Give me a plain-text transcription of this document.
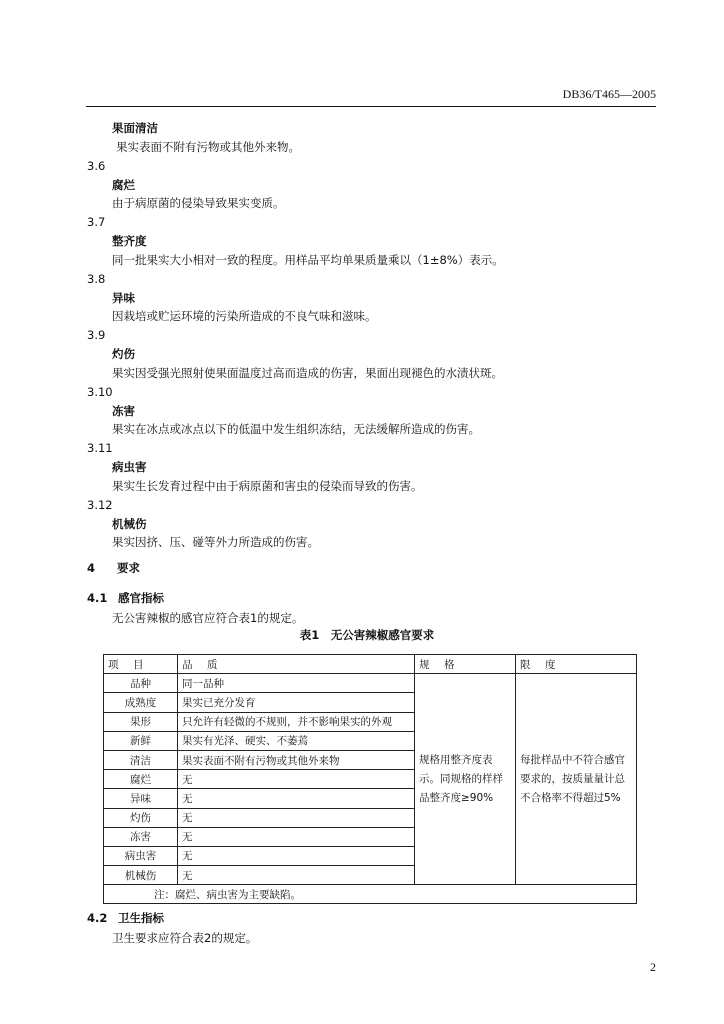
DB36/T465—2005
果面清洁
果实表面不附有污物或其他外来物。
3.6
腐烂
由于病原菌的侵染导致果实变质。
3.7
整齐度
同一批果实大小相对一致的程度。用样品平均单果质量乘以（1±8%）表示。
3.8
异味
因栽培或贮运环境的污染所造成的不良气味和滋味。
3.9
灼伤
果实因受强光照射使果面温度过高而造成的伤害，果面出现褪色的水渍状斑。
3.10
冻害
果实在冰点或冰点以下的低温中发生组织冻结，无法缓解所造成的伤害。
3.11
病虫害
果实生长发育过程中由于病原菌和害虫的侵染而导致的伤害。
3.12
机械伤
果实因挤、压、碰等外力所造成的伤害。
4 要求
4.1 感官指标
无公害辣椒的感官应符合表1的规定。
表1　无公害辣椒感官要求
项　目	品　质	规　格	限　度
品种	同一品种	规格用整齐度表示。同规格的样样品整齐度≥90%	每批样品中不符合感官要求的，按质量量计总不合格率不得超过5%
成熟度	果实已充分发育		
果形	只允许有轻微的不规则，并不影响果实的外观		
新鲜	果实有光泽、硬实、不萎蔫		
清洁	果实表面不附有污物或其他外来物		
腐烂	无		
异味	无		
灼伤	无		
冻害	无		
病虫害	无		
机械伤	无		
注：腐烂、病虫害为主要缺陷。			
4.2 卫生指标
卫生要求应符合表2的规定。
2
